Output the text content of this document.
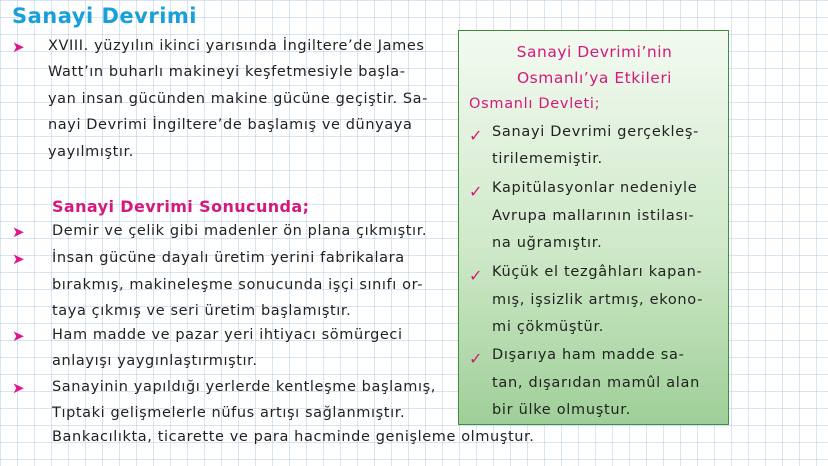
Sanayi Devrimi
➤ XVIII. yüzyılın ikinci yarısında İngiltere’de James
Watt’ın buharlı makineyi keşfetmesiyle başla-
yan insan gücünden makine gücüne geçiştir. Sa-
nayi Devrimi İngiltere’de başlamış ve dünyaya
yayılmıştır.
Sanayi Devrimi Sonucunda;
➤ Demir ve çelik gibi madenler ön plana çıkmıştır.
➤ İnsan gücüne dayalı üretim yerini fabrikalara
bırakmış, makineleşme sonucunda işçi sınıfı or-
taya çıkmış ve seri üretim başlamıştır.
➤ Ham madde ve pazar yeri ihtiyacı sömürgeci
anlayışı yaygınlaştırmıştır.
➤ Sanayinin yapıldığı yerlerde kentleşme başlamış,
Tıptaki gelişmelerle nüfus artışı sağlanmıştır.
Bankacılıkta, ticarette ve para hacminde genişleme olmuştur.
Sanayi Devrimi’nin
Osmanlı’ya Etkileri
Osmanlı Devleti;
✓ Sanayi Devrimi gerçekleş-
tirilememiştir.
✓ Kapitülasyonlar nedeniyle
Avrupa mallarının istilası-
na uğramıştır.
✓ Küçük el tezgâhları kapan-
mış, işsizlik artmış, ekono-
mi çökmüştür.
✓ Dışarıya ham madde sa-
tan, dışarıdan mamûl alan
bir ülke olmuştur.
